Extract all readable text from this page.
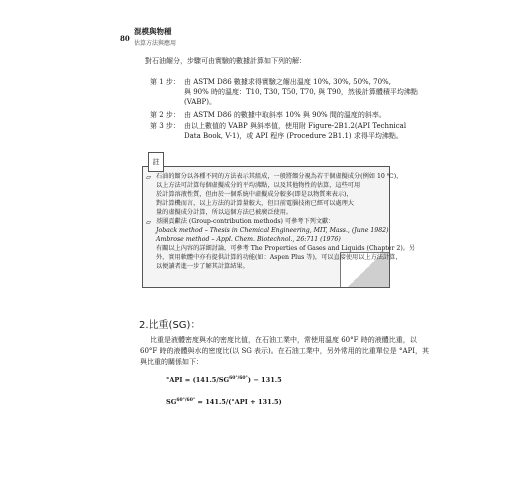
80
混模與物種
估算方法與應用
對石油餾分，步驟可由實驗的數據計算如下列的解：
第 1 步： 由 ASTM D86 數據求得實驗之餾出溫度 10%, 30%, 50%, 70%,
與 90% 時的溫度：T10, T30, T50, T70, 與 T90，然後計算體積平均沸點
(VABP)。
第 2 步： 由 ASTM D86 的數據中取斜率 10% 與 90% 間的溫度的斜率。
第 3 步： 由以上數值的 VABP 與斜率值，使用附 Figure-2B1.2(API Technical
Data Book, V-1)，或 API 程序 (Procedure 2B1.1) 求得平均沸點。
註
▱ 石油的餾分以各種不同的方法表示其組成，一般將餾分視為若干個虛擬成分(例如 10 ℃)，
以上方法可計算每個虛擬成分的平均沸點，以及其他物性的估算，這些可用
於計算溶液性質，但由於一個系統中虛擬成分較多(即是以物質來表示)，
對計算機而言，以上方法的計算量較大，但目前電腦技術已經可以處理大
量的虛擬成分計算，所以這個方法已被廣泛使用。
▱ 基團貢獻法 (Group-contribution methods) 可參考下列文獻：
Joback method – Thesis in Chemical Engineering, MIT, Mass., (June 1982)
Ambrose method – Appl. Chem. Biotechnol., 26:711 (1976)
有關以上內容的詳細討論，可參考 The Properties of Gases and Liquids (Chapter 2)。另
外，實用軟體中亦有提供計算的功能(如：Aspen Plus 等)，可以直接使用以上方法計算，
以便讀者進一步了解其計算結果。
2.比重(SG)：
比重是液體密度與水的密度比值，在石油工業中，常使用溫度 60°F 時的液體比重，以
60°F 時的液體與水的密度比(以 SG 表示)。在石油工業中，另外常用的比重單位是 °API，其
與比重的關係如下：
$^\circ API = (141.5/SG^{60^\circ/60^\circ}) - 131.5$
$SG^{60^\circ/60^\circ} = 141.5/(^\circ API + 131.5)$
